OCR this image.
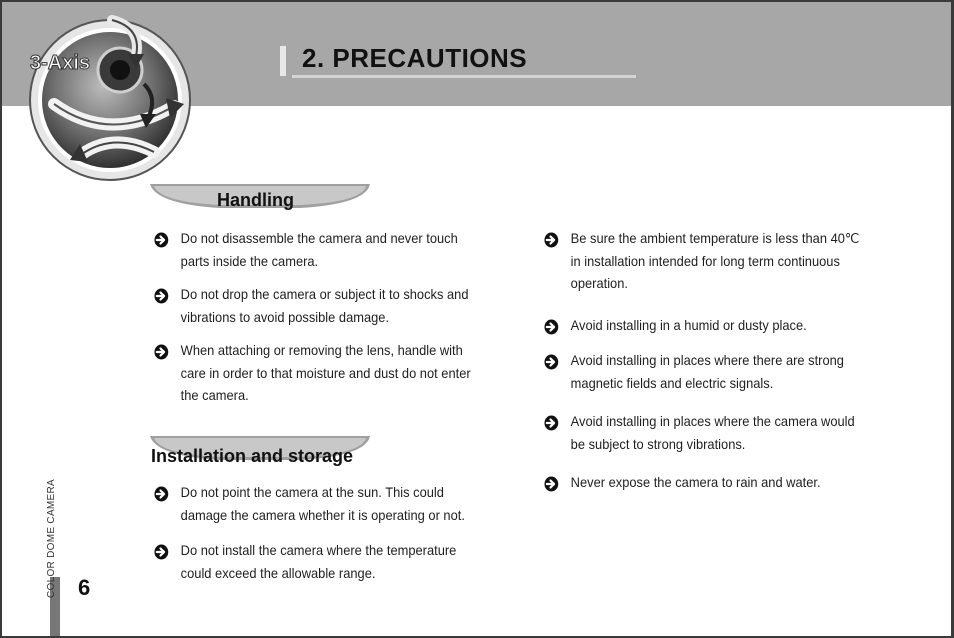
3-Axis	2. PRECAUTIONS
Handling
Do not disassemble the camera and never touch parts inside the camera.
Do not drop the camera or subject it to shocks and vibrations to avoid possible damage.
When attaching or removing the lens, handle with care in order to that moisture and dust do not enter the camera.
Installation and storage
Do not point the camera at the sun. This could damage the camera whether it is operating or not.
Do not install the camera where the temperature could exceed the allowable range.
Be sure the ambient temperature is less than 40℃ in installation intended for long term continuous operation.
Avoid installing in a humid or dusty place.
Avoid installing in places where there are strong magnetic fields and electric signals.
Avoid installing in places where the camera would be subject to strong vibrations.
Never expose the camera to rain and water.
COLOR DOME CAMERA 6
